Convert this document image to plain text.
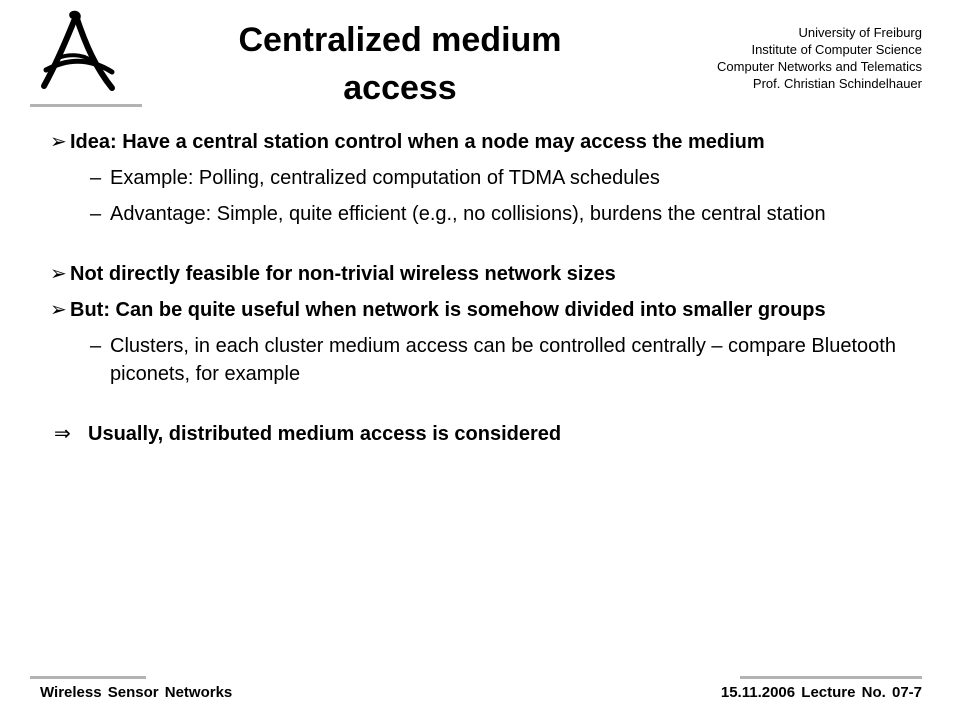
Centralized medium access
University of Freiburg
Institute of Computer Science
Computer Networks and Telematics
Prof. Christian Schindelhauer

➢ Idea: Have a central station control when a node may access the medium

– Example: Polling, centralized computation of TDMA schedules

– Advantage: Simple, quite efficient (e.g., no collisions), burdens the central station

➢ Not directly feasible for non-trivial wireless network sizes

➢ But: Can be quite useful when network is somehow divided into smaller groups

– Clusters, in each cluster medium access can be controlled centrally – compare Bluetooth piconets, for example

⇒ Usually, distributed medium access is considered
Wireless Sensor Networks	15.11.2006 Lecture No. 07-7
